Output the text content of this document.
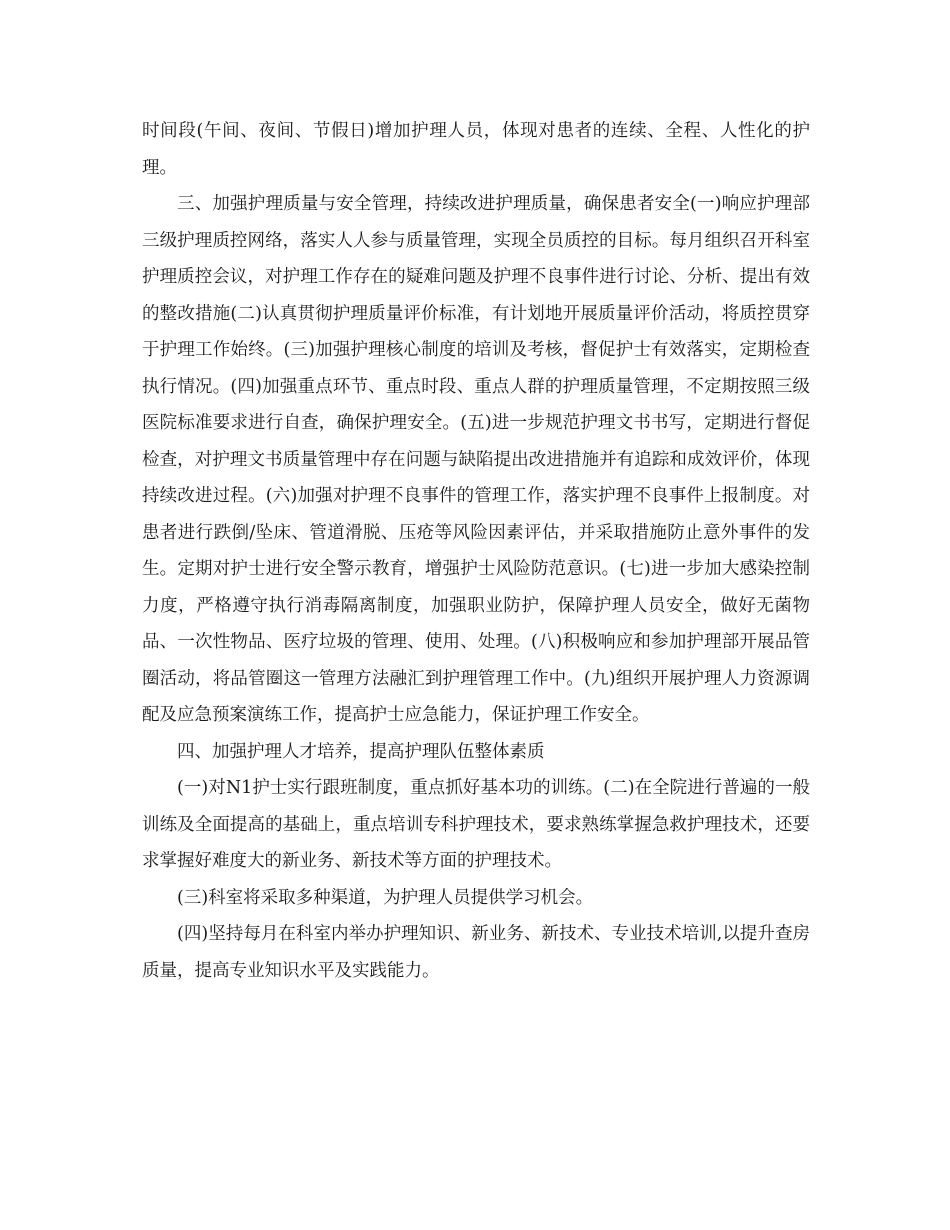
时间段(午间、夜间、节假日)增加护理人员，体现对患者的连续、全程、人性化的护理。

三、加强护理质量与安全管理，持续改进护理质量，确保患者安全(一)响应护理部三级护理质控网络，落实人人参与质量管理，实现全员质控的目标。每月组织召开科室护理质控会议，对护理工作存在的疑难问题及护理不良事件进行讨论、分析、提出有效的整改措施(二)认真贯彻护理质量评价标准，有计划地开展质量评价活动，将质控贯穿于护理工作始终。(三)加强护理核心制度的培训及考核，督促护士有效落实，定期检查执行情况。(四)加强重点环节、重点时段、重点人群的护理质量管理，不定期按照三级医院标准要求进行自查，确保护理安全。(五)进一步规范护理文书书写，定期进行督促检查，对护理文书质量管理中存在问题与缺陷提出改进措施并有追踪和成效评价，体现持续改进过程。(六)加强对护理不良事件的管理工作，落实护理不良事件上报制度。对患者进行跌倒/坠床、管道滑脱、压疮等风险因素评估，并采取措施防止意外事件的发生。定期对护士进行安全警示教育，增强护士风险防范意识。(七)进一步加大感染控制力度，严格遵守执行消毒隔离制度，加强职业防护，保障护理人员安全，做好无菌物品、一次性物品、医疗垃圾的管理、使用、处理。(八)积极响应和参加护理部开展品管圈活动，将品管圈这一管理方法融汇到护理管理工作中。(九)组织开展护理人力资源调配及应急预案演练工作，提高护士应急能力，保证护理工作安全。

四、加强护理人才培养，提高护理队伍整体素质

(一)对N1护士实行跟班制度，重点抓好基本功的训练。(二)在全院进行普遍的一般训练及全面提高的基础上，重点培训专科护理技术，要求熟练掌握急救护理技术，还要求掌握好难度大的新业务、新技术等方面的护理技术。

(三)科室将采取多种渠道，为护理人员提供学习机会。

(四)坚持每月在科室内举办护理知识、新业务、新技术、专业技术培训,以提升查房质量，提高专业知识水平及实践能力。
